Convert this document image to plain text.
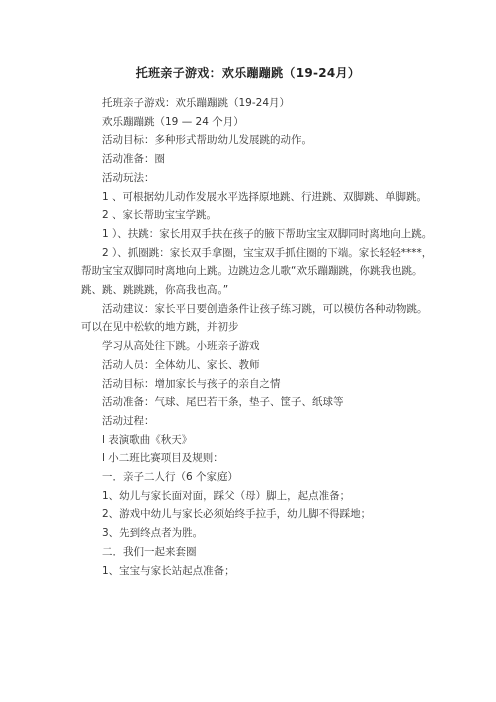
托班亲子游戏：欢乐蹦蹦跳（19-24月）

托班亲子游戏：欢乐蹦蹦跳（19-24月）

欢乐蹦蹦跳（19 — 24 个月）

活动目标：多种形式帮助幼儿发展跳的动作。

活动准备：圈

活动玩法：

1 、可根据幼儿动作发展水平选择原地跳、行进跳、双脚跳、单脚跳。

2 、家长帮助宝宝学跳。

1 ）、扶跳：家长用双手扶在孩子的腋下帮助宝宝双脚同时离地向上跳。

2 ）、抓圈跳：家长双手拿圈，宝宝双手抓住圈的下端。家长轻轻****，帮助宝宝双脚同时离地向上跳。边跳边念儿歌“欢乐蹦蹦跳，你跳我也跳。跳、跳、跳跳跳，你高我也高。”

活动建议：家长平日要创造条件让孩子练习跳，可以模仿各种动物跳。可以在见中松软的地方跳，并初步

学习从高处往下跳。小班亲子游戏

活动人员：全体幼儿、家长、教师

活动目标：增加家长与孩子的亲自之情

活动准备：气球、尾巴若干条，垫子、筐子、纸球等

活动过程：

l 表演歌曲《秋天》

l 小二班比赛项目及规则：

一．亲子二人行（6 个家庭）

1、幼儿与家长面对面，踩父（母）脚上，起点准备；

2、游戏中幼儿与家长必须始终手拉手，幼儿脚不得踩地；

3、先到终点者为胜。

二．我们一起来套圈

1、宝宝与家长站起点准备；
